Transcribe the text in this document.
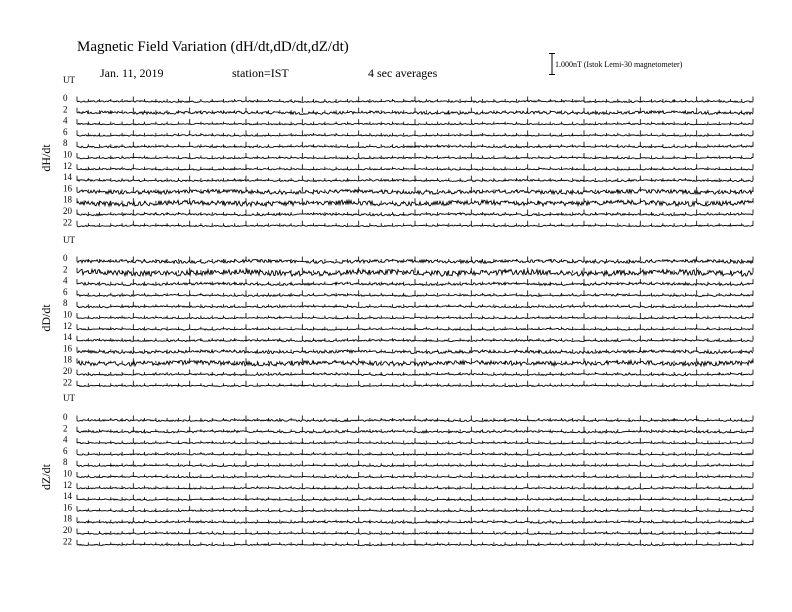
Magnetic Field Variation (dH/dt,dD/dt,dZ/dt)
Jan. 11, 2019	station=IST	4 sec averages
1.000nT (Istok Lemi-30 magnetometer)
UT
dH/dt
0
2
4
6
8
10
12
14
16
18
20
22
UT
dD/dt
0
2
4
6
8
10
12
14
16
18
20
22
UT
dZ/dt
0
2
4
6
8
10
12
14
16
18
20
22
